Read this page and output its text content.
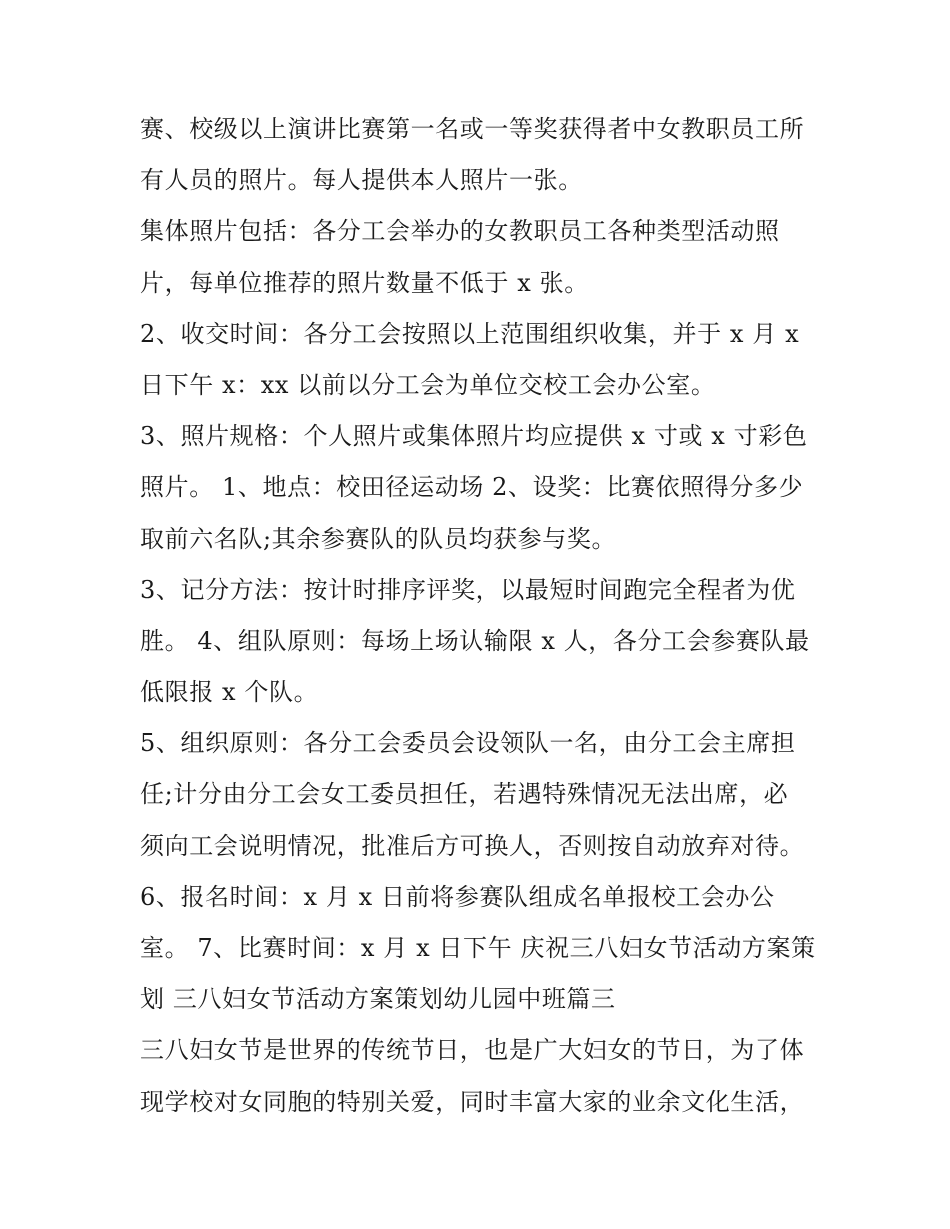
赛、校级以上演讲比赛第一名或一等奖获得者中女教职员工所
有人员的照片。每人提供本人照片一张。
集体照片包括：各分工会举办的女教职员工各种类型活动照
片，每单位推荐的照片数量不低于 x 张。
2、收交时间：各分工会按照以上范围组织收集，并于 x 月 x
日下午 x：xx 以前以分工会为单位交校工会办公室。
3、照片规格：个人照片或集体照片均应提供 x 寸或 x 寸彩色
照片。 1、地点：校田径运动场 2、设奖：比赛依照得分多少
取前六名队;其余参赛队的队员均获参与奖。
3、记分方法：按计时排序评奖，以最短时间跑完全程者为优
胜。 4、组队原则：每场上场认输限 x 人，各分工会参赛队最
低限报 x 个队。
5、组织原则：各分工会委员会设领队一名，由分工会主席担
任;计分由分工会女工委员担任，若遇特殊情况无法出席，必
须向工会说明情况，批准后方可换人，否则按自动放弃对待。
6、报名时间：x 月 x 日前将参赛队组成名单报校工会办公
室。 7、比赛时间：x 月 x 日下午 庆祝三八妇女节活动方案策
划 三八妇女节活动方案策划幼儿园中班篇三
三八妇女节是世界的传统节日，也是广大妇女的节日，为了体
现学校对女同胞的特别关爱，同时丰富大家的业余文化生活，
